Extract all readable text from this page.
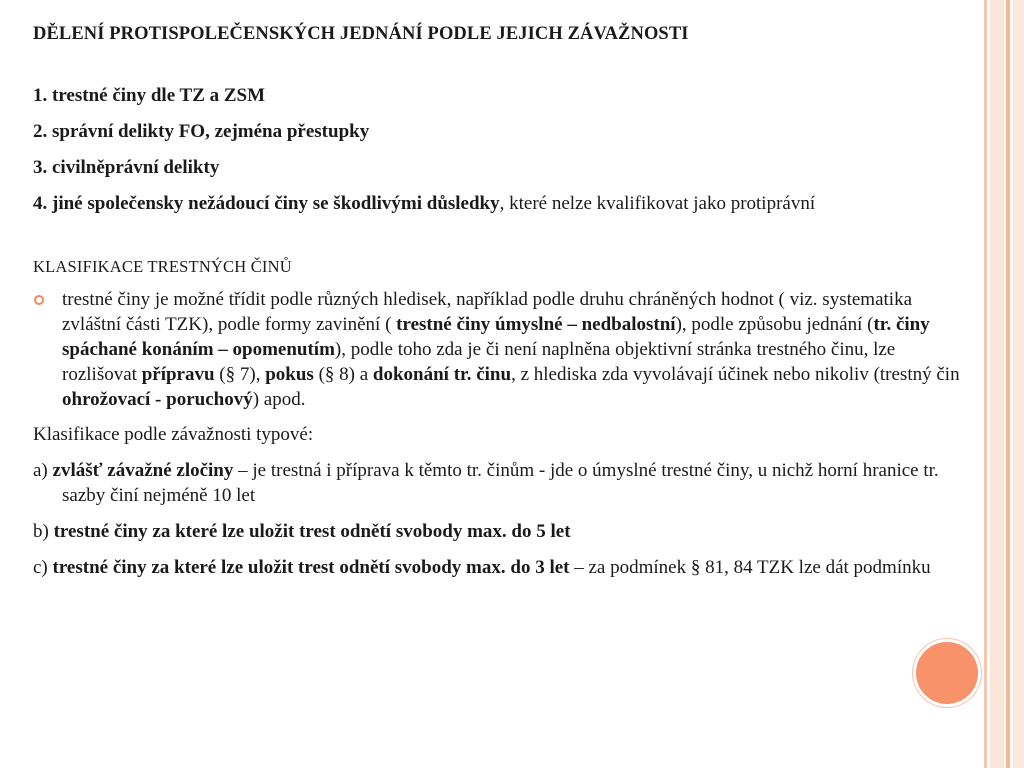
DĚLENÍ PROTISPOLEČENSKÝCH JEDNÁNÍ PODLE JEJICH ZÁVAŽNOSTI
1. trestné činy dle TZ a ZSM
2. správní delikty FO, zejména přestupky
3. civilněprávní delikty
4. jiné společensky nežádoucí činy se škodlivými důsledky, které nelze kvalifikovat jako protiprávní
KLASIFIKACE TRESTNÝCH ČINŮ
trestné činy je možné třídit podle různých hledisek, například podle druhu chráněných hodnot ( viz. systematika zvláštní části TZK), podle formy zavinění ( trestné činy úmyslné – nedbalostní), podle způsobu jednání (tr. činy spáchané konáním – opomenutím), podle toho zda je či není naplněna objektivní stránka trestného činu, lze rozlišovat přípravu (§ 7), pokus (§ 8) a dokonání tr. činu, z hlediska zda vyvolávají účinek nebo nikoliv (trestný čin ohrožovací - poruchový) apod.
Klasifikace podle závažnosti typové:
a) zvlášť závažné zločiny – je trestná i příprava k těmto tr. činům - jde o úmyslné trestné činy, u nichž horní hranice tr. sazby činí nejméně 10 let
b) trestné činy za které lze uložit trest odnětí svobody max. do 5 let
c) trestné činy za které lze uložit trest odnětí svobody max. do 3 let – za podmínek § 81, 84 TZK lze dát podmínku
